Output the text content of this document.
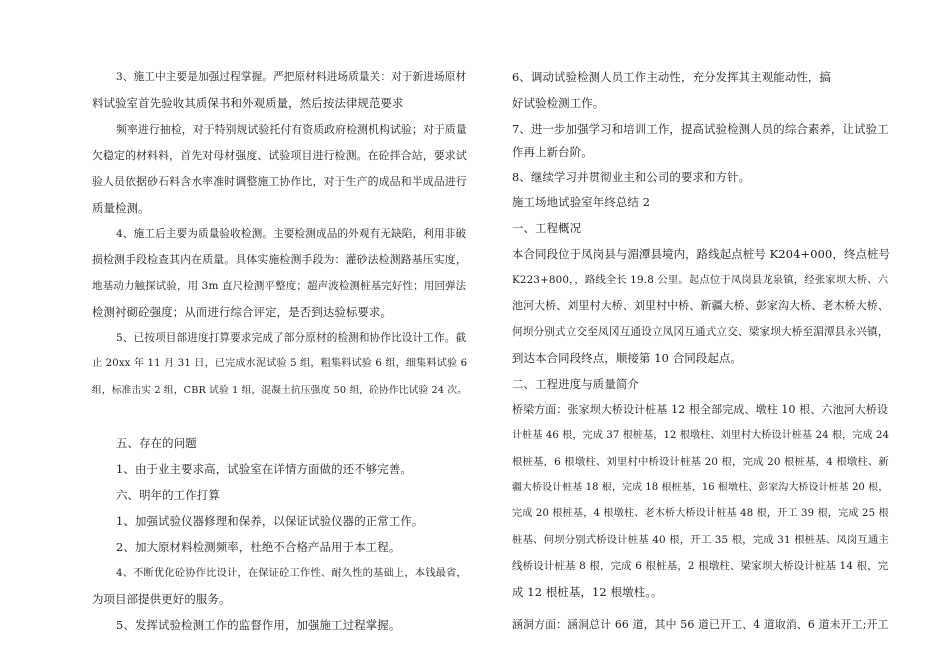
3、施工中主要是加强过程掌握。严把原材料进场质量关：对于新进场原材
料试验室首先验收其质保书和外观质量，然后按法律规范要求
频率进行抽检，对于特别规试验托付有资质政府检测机构试验；对于质量
欠稳定的材料料，首先对母材强度、试验项目进行检测。在砼拌合站，要求试
验人员依据砂石料含水率准时调整施工协作比，对于生产的成品和半成品进行
质量检测。
4、施工后主要为质量验收检测。主要检测成品的外观有无缺陷，利用非破
损检测手段检查其内在质量。具体实施检测手段为：灌砂法检测路基压实度，
地基动力触探试验，用 3m 直尺检测平整度；超声波检测桩基完好性；用回弹法
检测衬砌砼强度；从而进行综合评定，是否到达验标要求。
5、已按项目部进度打算要求完成了部分原材的检测和协作比设计工作。截
止 20xx 年 11 月 31 日，已完成水泥试验 5 组，粗集料试验 6 组，细集料试验 6
组，标准击实 2 组，CBR 试验 1 组，混凝土抗压强度 50 组，砼协作比试验 24 次。
五、存在的问题
1、由于业主要求高，试验室在详情方面做的还不够完善。
六、明年的工作打算
1、加强试验仪器修理和保养，以保证试验仪器的正常工作。
2、加大原材料检测频率，杜绝不合格产品用于本工程。
4、不断优化砼协作比设计，在保证砼工作性、耐久性的基础上，本钱最省，
为项目部提供更好的服务。
5、发挥试验检测工作的监督作用，加强施工过程掌握。
6、调动试验检测人员工作主动性，充分发挥其主观能动性，搞
好试验检测工作。
7、进一步加强学习和培训工作，提高试验检测人员的综合素养，让试验工
作再上新台阶。
8、继续学习并贯彻业主和公司的要求和方针。
施工场地试验室年终总结 2
一、工程概况
本合同段位于凤岗县与湄潭县境内，路线起点桩号 K204+000，终点桩号
K223+800，，路线全长 19.8 公里。起点位于凤岗县龙泉镇，经张家坝大桥、六
池河大桥、刘里村大桥、刘里村中桥、新疆大桥、彭家沟大桥、老木桥大桥、
何坝分别式立交至凤冈互通设立凤冈互通式立交、梁家坝大桥至湄潭县永兴镇，
到达本合同段终点，顺接第 10 合同段起点。
二、工程进度与质量简介
桥梁方面：张家坝大桥设计桩基 12 根全部完成、墩柱 10 根、六池河大桥设
计桩基 46 根，完成 37 根桩基，12 根墩柱、刘里村大桥设计桩基 24 根，完成 24
根桩基，6 根墩柱、刘里村中桥设计桩基 20 根，完成 20 根桩基，4 根墩柱、新
疆大桥设计桩基 18 根，完成 18 根桩基，16 根墩柱、彭家沟大桥设计桩基 20 根，
完成 20 根桩基，4 根墩柱、老木桥大桥设计桩基 48 根，开工 39 根，完成 25 根
桩基、何坝分别式桥设计桩基 40 根，开工 35 根，完成 31 根桩基、凤岗互通主
线桥设计桩基 8 根，完成 6 根桩基，2 根墩柱、梁家坝大桥设计桩基 14 根，完
成 12 根桩基，12 根墩柱。。
涵洞方面：涵洞总计 66 道，其中 56 道已开工、4 道取消、6 道未开工;开工
